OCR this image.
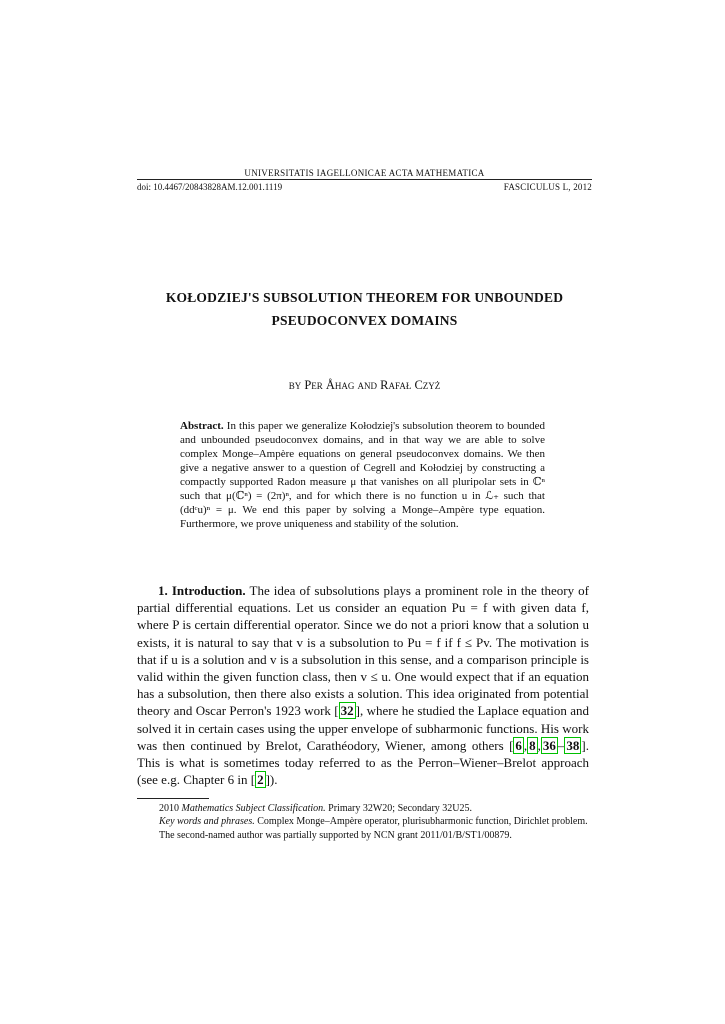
UNIVERSITATIS IAGELLONICAE ACTA MATHEMATICA
doi: 10.4467/20843828AM.12.001.1119	FASCICULUS L, 2012
KOŁODZIEJ'S SUBSOLUTION THEOREM FOR UNBOUNDED
PSEUDOCONVEX DOMAINS
by Per Åhag and Rafał Czyż
Abstract. In this paper we generalize Kołodziej's subsolution theorem to bounded and unbounded pseudoconvex domains, and in that way we are able to solve complex Monge–Ampère equations on general pseudoconvex domains. We then give a negative answer to a question of Cegrell and Kołodziej by constructing a compactly supported Radon measure μ that vanishes on all pluripolar sets in ℂⁿ such that μ(ℂⁿ) = (2π)ⁿ, and for which there is no function u in ℒ₊ such that (ddᶜu)ⁿ = μ. We end this paper by solving a Monge–Ampère type equation. Furthermore, we prove uniqueness and stability of the solution.
1. Introduction. The idea of subsolutions plays a prominent role in the theory of partial differential equations. Let us consider an equation Pu = f with given data f, where P is certain differential operator. Since we do not a priori know that a solution u exists, it is natural to say that v is a subsolution to Pu = f if f ≤ Pv. The motivation is that if u is a solution and v is a subsolution in this sense, and a comparison principle is valid within the given function class, then v ≤ u. One would expect that if an equation has a subsolution, then there also exists a solution. This idea originated from potential theory and Oscar Perron's 1923 work [ 32 ], where he studied the Laplace equation and solved it in certain cases using the upper envelope of subharmonic functions. His work was then continued by Brelot, Carathéodory, Wiener, among others [ 6 , 8 , 36 – 38 ]. This is what is sometimes today referred to as the Perron–Wiener–Brelot approach (see e.g. Chapter 6 in [ 2 ]).

2010 Mathematics Subject Classification. Primary 32W20; Secondary 32U25.

Key words and phrases. Complex Monge–Ampère operator, plurisubharmonic function, Dirichlet problem.

The second-named author was partially supported by NCN grant 2011/01/B/ST1/00879.
